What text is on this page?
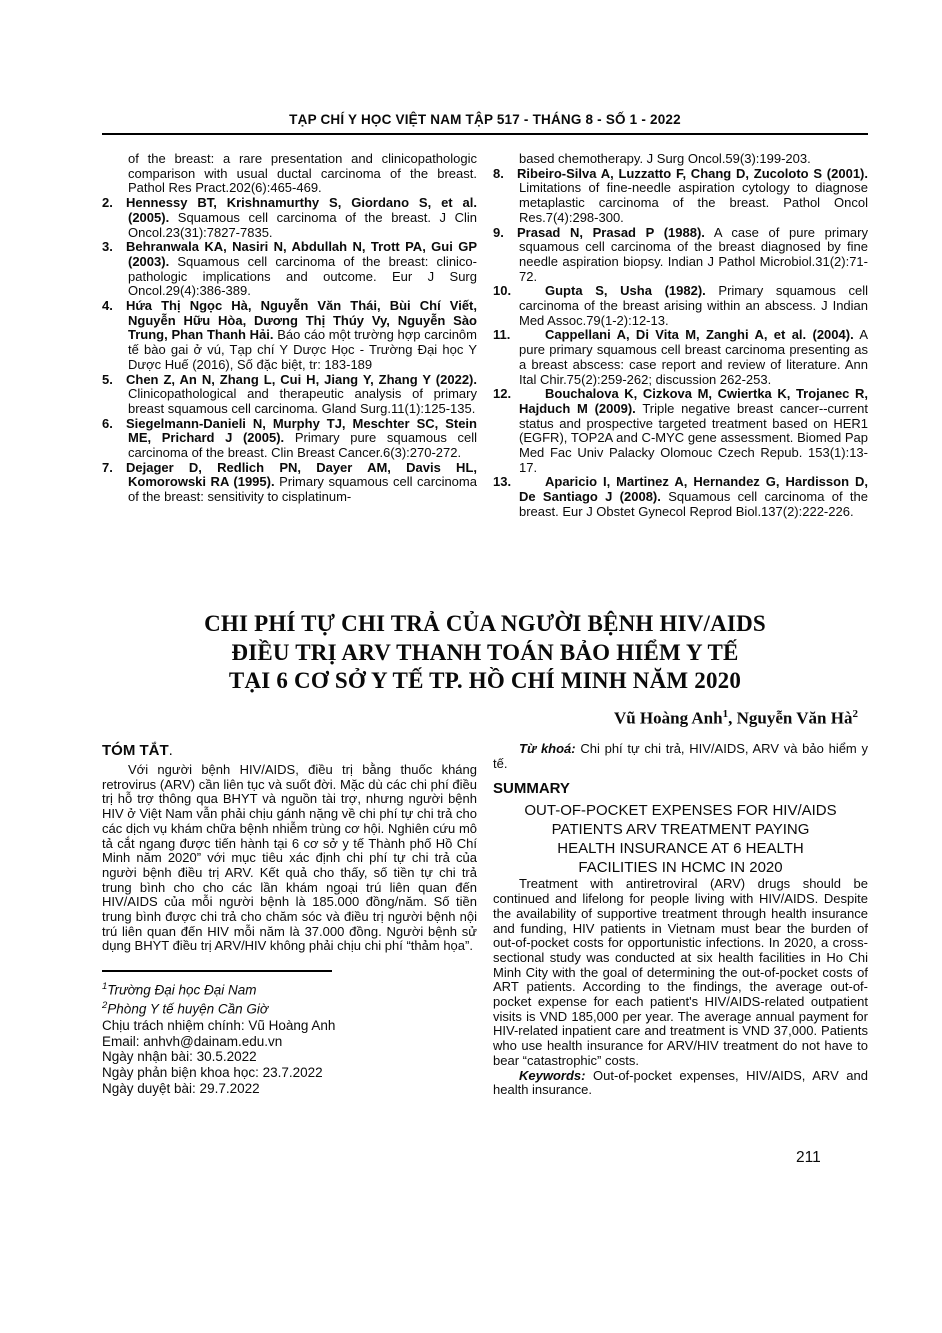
TẠP CHÍ Y HỌC VIỆT NAM TẬP 517 - THÁNG 8 - SỐ 1 - 2022
of the breast: a rare presentation and clinicopathologic comparison with usual ductal carcinoma of the breast. Pathol Res Pract.202(6):465-469.
2. Hennessy BT, Krishnamurthy S, Giordano S, et al. (2005). Squamous cell carcinoma of the breast. J Clin Oncol.23(31):7827-7835.
3. Behranwala KA, Nasiri N, Abdullah N, Trott PA, Gui GP (2003). Squamous cell carcinoma of the breast: clinico-pathologic implications and outcome. Eur J Surg Oncol.29(4):386-389.
4. Hứa Thị Ngọc Hà, Nguyễn Văn Thái, Bùi Chí Viết, Nguyễn Hữu Hòa, Dương Thị Thúy Vy, Nguyễn Sào Trung, Phan Thanh Hải. Báo cáo một trường hợp carcinôm tế bào gai ở vú, Tạp chí Y Dược Học - Trường Đại học Y Dược Huế (2016), Số đặc biệt, tr: 183-189
5. Chen Z, An N, Zhang L, Cui H, Jiang Y, Zhang Y (2022). Clinicopathological and therapeutic analysis of primary breast squamous cell carcinoma. Gland Surg.11(1):125-135.
6. Siegelmann-Danieli N, Murphy TJ, Meschter SC, Stein ME, Prichard J (2005). Primary pure squamous cell carcinoma of the breast. Clin Breast Cancer.6(3):270-272.
7. Dejager D, Redlich PN, Dayer AM, Davis HL, Komorowski RA (1995). Primary squamous cell carcinoma of the breast: sensitivity to cisplatinum-
based chemotherapy. J Surg Oncol.59(3):199-203.
8. Ribeiro-Silva A, Luzzatto F, Chang D, Zucoloto S (2001). Limitations of fine-needle aspiration cytology to diagnose metaplastic carcinoma of the breast. Pathol Oncol Res.7(4):298-300.
9. Prasad N, Prasad P (1988). A case of pure primary squamous cell carcinoma of the breast diagnosed by fine needle aspiration biopsy. Indian J Pathol Microbiol.31(2):71-72.
10.	Gupta S, Usha (1982). Primary squamous cell carcinoma of the breast arising within an abscess. J Indian Med Assoc.79(1-2):12-13.
11.	Cappellani A, Di Vita M, Zanghi A, et al. (2004). A pure primary squamous cell breast carcinoma presenting as a breast abscess: case report and review of literature. Ann Ital Chir.75(2):259-262; discussion 262-253.
12.	Bouchalova K, Cizkova M, Cwiertka K, Trojanec R, Hajduch M (2009). Triple negative breast cancer--current status and prospective targeted treatment based on HER1 (EGFR), TOP2A and C-MYC gene assessment. Biomed Pap Med Fac Univ Palacky Olomouc Czech Repub. 153(1):13-17.
13.	Aparicio I, Martinez A, Hernandez G, Hardisson D, De Santiago J (2008). Squamous cell carcinoma of the breast. Eur J Obstet Gynecol Reprod Biol.137(2):222-226.
CHI PHÍ TỰ CHI TRẢ CỦA NGƯỜI BỆNH HIV/AIDS
ĐIỀU TRỊ ARV THANH TOÁN BẢO HIỂM Y TẾ
TẠI 6 CƠ SỞ Y TẾ TP. HỒ CHÍ MINH NĂM 2020
Vũ Hoàng Anh$^1$, Nguyễn Văn $Hà^2$
TÓM TẮT.

Với người bệnh HIV/AIDS, điều trị bằng thuốc kháng retrovirus (ARV) cần liên tục và suốt đời. Mặc dù các chi phí điều trị hỗ trợ thông qua BHYT và nguồn tài trợ, nhưng người bệnh HIV ở Việt Nam vẫn phải chịu gánh nặng về chi phí tự chi trả cho các dịch vụ khám chữa bệnh nhiễm trùng cơ hội. Nghiên cứu mô tả cắt ngang được tiến hành tại 6 cơ sở y tế Thành phố Hồ Chí Minh năm 2020” với mục tiêu xác định chi phí tự chi trả của người bệnh điều trị ARV. Kết quả cho thấy, số tiền tự chi trả trung bình cho cho các lần khám ngoại trú liên quan đến HIV/AIDS của mỗi người bệnh là 185.000 đồng/năm. Số tiền trung bình được chi trả cho chăm sóc và điều trị người bệnh nội trú liên quan đến HIV mỗi năm là 37.000 đồng. Người bệnh sử dụng BHYT điều trị ARV/HIV không phải chịu chi phí “thảm họa”.

$^1$Trường Đại học Đại Nam
$^2$Phòng Y tế huyện Cần Giờ
Chịu trách nhiệm chính: Vũ Hoàng Anh
Email: anhvh@dainam.edu.vn
Ngày nhận bài: 30.5.2022
Ngày phản biện khoa học: 23.7.2022
Ngày duyệt bài: 29.7.2022

Từ khoá: Chi phí tự chi trả, HIV/AIDS, ARV và bảo hiểm y tế.

SUMMARY
OUT-OF-POCKET EXPENSES FOR HIV/AIDS
PATIENTS ARV TREATMENT PAYING
HEALTH INSURANCE AT 6 HEALTH
FACILITIES IN HCMC IN 2020

Treatment with antiretroviral (ARV) drugs should be continued and lifelong for people living with HIV/AIDS. Despite the availability of supportive treatment through health insurance and funding, HIV patients in Vietnam must bear the burden of out-of-pocket costs for opportunistic infections. In 2020, a cross-sectional study was conducted at six health facilities in Ho Chi Minh City with the goal of determining the out-of-pocket costs of ART patients. According to the findings, the average out-of-pocket expense for each patient's HIV/AIDS-related outpatient visits is VND 185,000 per year. The average annual payment for HIV-related inpatient care and treatment is VND 37,000. Patients who use health insurance for ARV/HIV treatment do not have to bear “catastrophic” costs.

Keywords: Out-of-pocket expenses, HIV/AIDS, ARV and health insurance.

211
